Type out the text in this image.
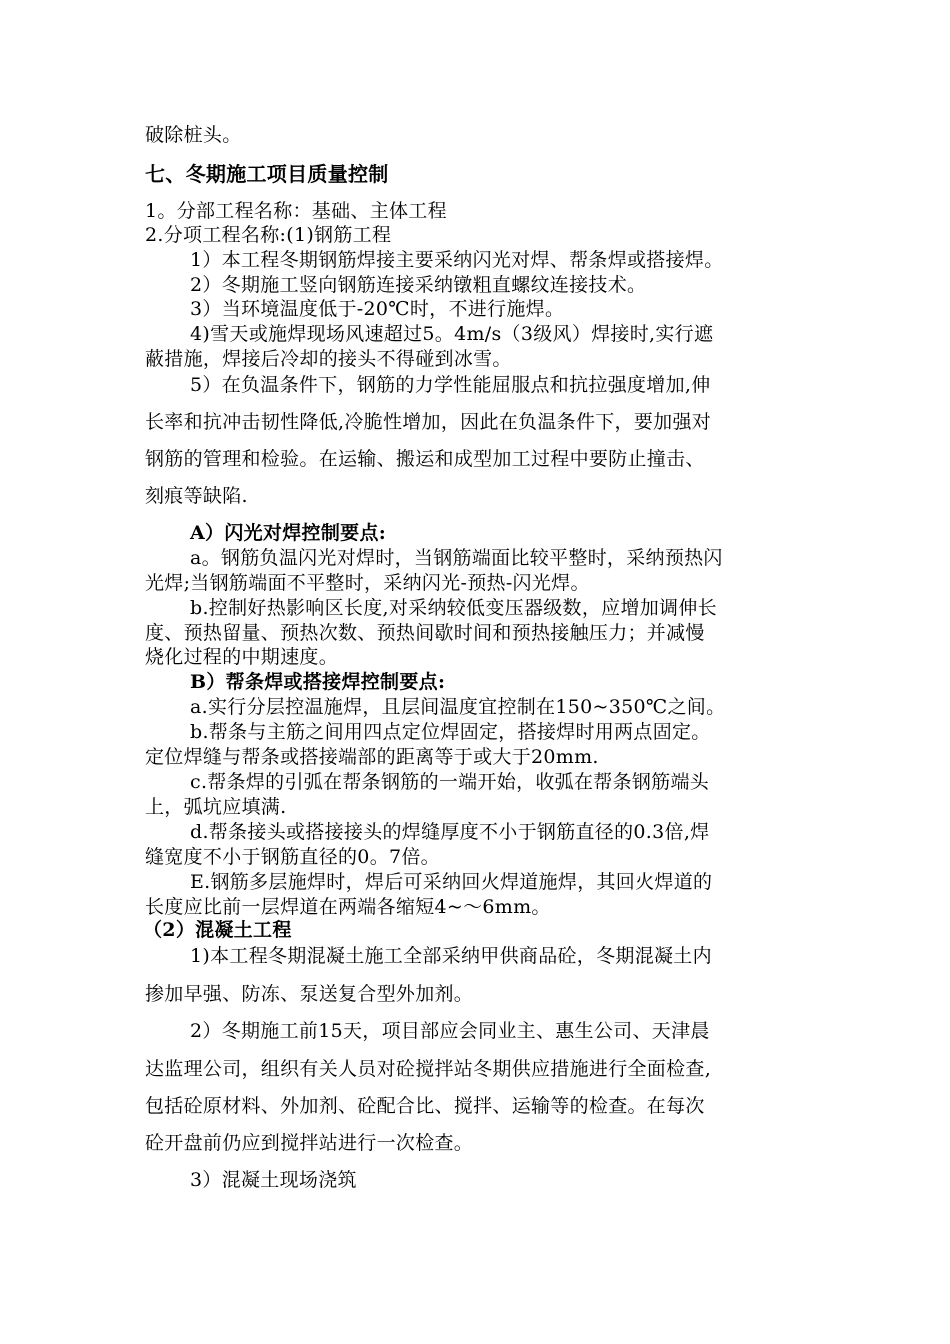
破除桩头。
七、冬期施工项目质量控制
1。分部工程名称：基础、主体工程
2.分项工程名称:(1)钢筋工程
1）本工程冬期钢筋焊接主要采纳闪光对焊、帮条焊或搭接焊。
2）冬期施工竖向钢筋连接采纳镦粗直螺纹连接技术。
3）当环境温度低于-20℃时，不进行施焊。
4)雪天或施焊现场风速超过5。4m/s（3级风）焊接时,实行遮
蔽措施，焊接后冷却的接头不得碰到冰雪。
5）在负温条件下，钢筋的力学性能屈服点和抗拉强度增加,伸
长率和抗冲击韧性降低,冷脆性增加，因此在负温条件下，要加强对
钢筋的管理和检验。在运输、搬运和成型加工过程中要防止撞击、
刻痕等缺陷.
A）闪光对焊控制要点:
a。钢筋负温闪光对焊时，当钢筋端面比较平整时，采纳预热闪
光焊;当钢筋端面不平整时，采纳闪光-预热-闪光焊。
b.控制好热影响区长度,对采纳较低变压器级数，应增加调伸长
度、预热留量、预热次数、预热间歇时间和预热接触压力；并减慢
烧化过程的中期速度。
B）帮条焊或搭接焊控制要点:
a.实行分层控温施焊，且层间温度宜控制在150~350℃之间。
b.帮条与主筋之间用四点定位焊固定，搭接焊时用两点固定。
定位焊缝与帮条或搭接端部的距离等于或大于20mm.
c.帮条焊的引弧在帮条钢筋的一端开始，收弧在帮条钢筋端头
上，弧坑应填满.
d.帮条接头或搭接接头的焊缝厚度不小于钢筋直径的0.3倍,焊
缝宽度不小于钢筋直径的0。7倍。
E.钢筋多层施焊时，焊后可采纳回火焊道施焊，其回火焊道的
长度应比前一层焊道在两端各缩短4~～6mm。
（2）混凝土工程
1)本工程冬期混凝土施工全部采纳甲供商品砼，冬期混凝土内
掺加早强、防冻、泵送复合型外加剂。
2）冬期施工前15天，项目部应会同业主、惠生公司、天津晨
达监理公司，组织有关人员对砼搅拌站冬期供应措施进行全面检查,
包括砼原材料、外加剂、砼配合比、搅拌、运输等的检查。在每次
砼开盘前仍应到搅拌站进行一次检查。
3）混凝土现场浇筑
